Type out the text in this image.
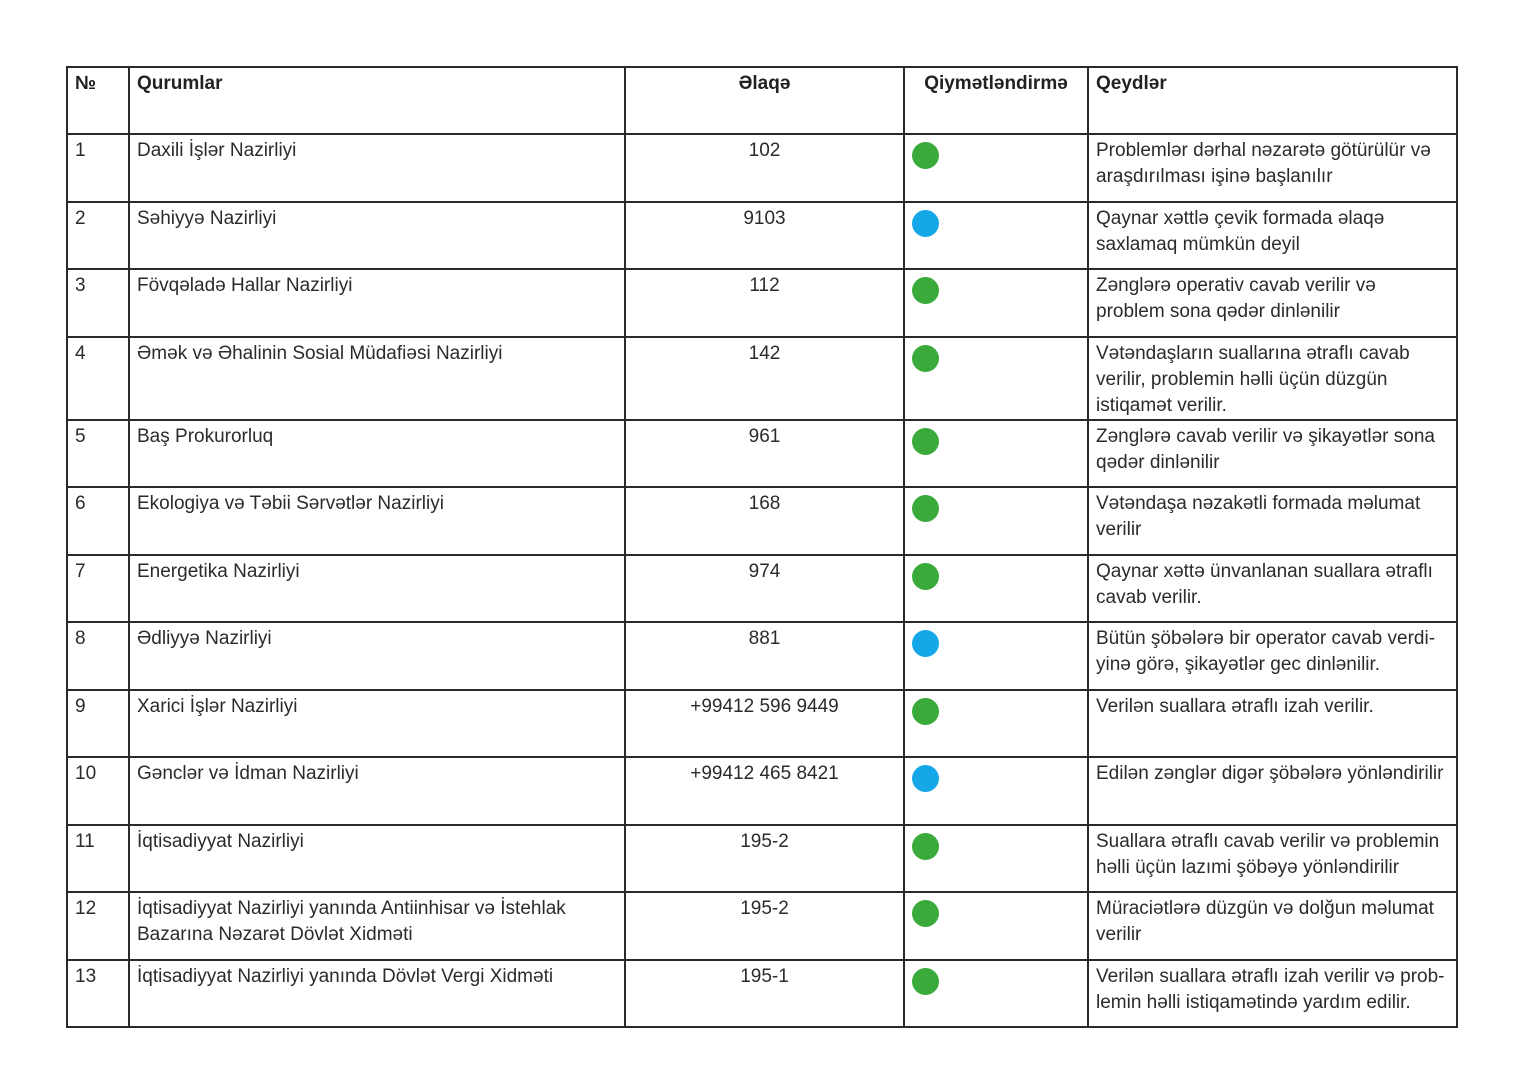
№	Qurumlar	Əlaqə	Qiymətləndirmə	Qeydlər
1	Daxili İşlər Nazirliyi	102		Problemlər dərhal nəzarətə götürülür və araşdırılması işinə başlanılır
2	Səhiyyə Nazirliyi	9103		Qaynar xəttlə çevik formada əlaqə saxlamaq mümkün deyil
3	Fövqəladə Hallar Nazirliyi	112		Zənglərə operativ cavab verilir və problem sona qədər dinlənilir
4	Əmək və Əhalinin Sosial Müdafiəsi Nazirliyi	142		Vətəndaşların suallarına ətraflı cavab verilir, problemin həlli üçün düzgün istiqamət verilir.
5	Baş Prokurorluq	961		Zənglərə cavab verilir və şikayətlər sona qədər dinlənilir
6	Ekologiya və Təbii Sərvətlər Nazirliyi	168		Vətəndaşa nəzakətli formada məlumat verilir
7	Energetika Nazirliyi	974		Qaynar xəttə ünvanlanan suallara ətraflı cavab verilir.
8	Ədliyyə Nazirliyi	881		Bütün şöbələrə bir operator cavab verdi-yinə görə, şikayətlər gec dinlənilir.
9	Xarici İşlər Nazirliyi	+99412 596 9449		Verilən suallara ətraflı izah verilir.
10	Gənclər və İdman Nazirliyi	+99412 465 8421		Edilən zənglər digər şöbələrə yönləndirilir
11	İqtisadiyyat Nazirliyi	195-2		Suallara ətraflı cavab verilir və problemin həlli üçün lazımi şöbəyə yönləndirilir
12	İqtisadiyyat Nazirliyi yanında Antiinhisar və İstehlak Bazarına Nəzarət Dövlət Xidməti	195-2		Müraciətlərə düzgün və dolğun məlumat verilir
13	İqtisadiyyat Nazirliyi yanında Dövlət Vergi Xidməti	195-1		Verilən suallara ətraflı izah verilir və prob-lemin həlli istiqamətində yardım edilir.
